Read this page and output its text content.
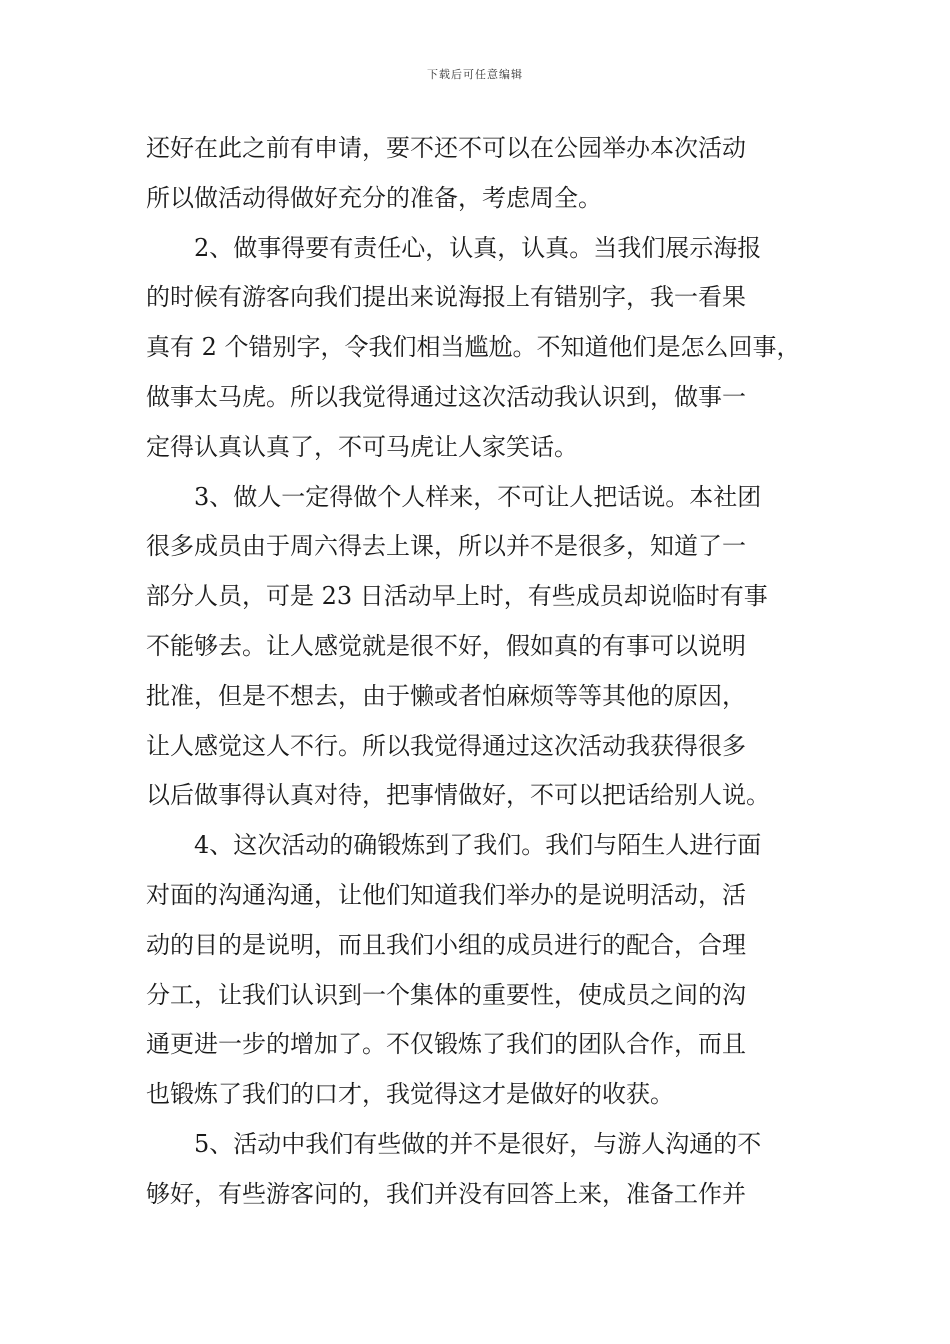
下载后可任意编辑
还好在此之前有申请，要不还不可以在公园举办本次活动
所以做活动得做好充分的准备，考虑周全。
2、做事得要有责任心，认真，认真。当我们展示海报
的时候有游客向我们提出来说海报上有错别字，我一看果
真有 2 个错别字，令我们相当尴尬。不知道他们是怎么回事，
做事太马虎。所以我觉得通过这次活动我认识到，做事一
定得认真认真了，不可马虎让人家笑话。
3、做人一定得做个人样来，不可让人把话说。本社团
很多成员由于周六得去上课，所以并不是很多，知道了一
部分人员，可是 23 日活动早上时，有些成员却说临时有事
不能够去。让人感觉就是很不好，假如真的有事可以说明
批准，但是不想去，由于懒或者怕麻烦等等其他的原因，
让人感觉这人不行。所以我觉得通过这次活动我获得很多
以后做事得认真对待，把事情做好，不可以把话给别人说。
4、这次活动的确锻炼到了我们。我们与陌生人进行面
对面的沟通沟通，让他们知道我们举办的是说明活动，活
动的目的是说明，而且我们小组的成员进行的配合，合理
分工，让我们认识到一个集体的重要性，使成员之间的沟
通更进一步的增加了。不仅锻炼了我们的团队合作，而且
也锻炼了我们的口才，我觉得这才是做好的收获。
5、活动中我们有些做的并不是很好，与游人沟通的不
够好，有些游客问的，我们并没有回答上来，准备工作并
